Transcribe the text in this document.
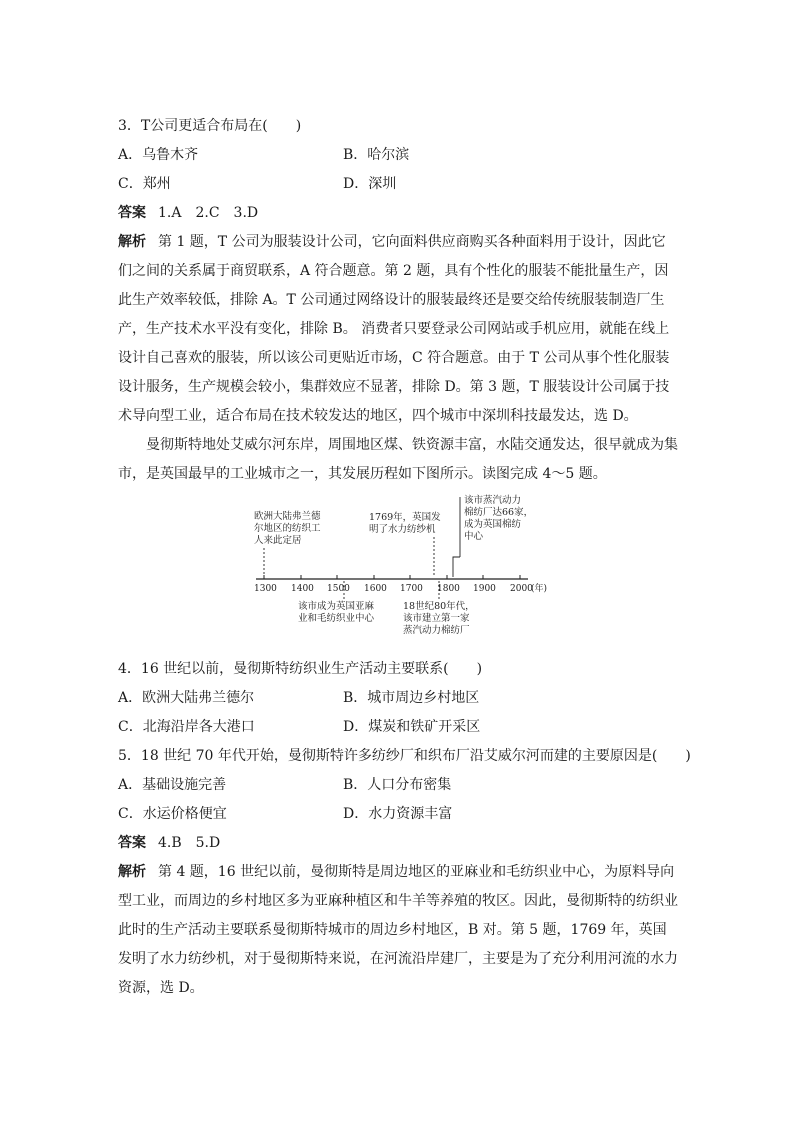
3．T公司更适合布局在(　　)
A．乌鲁木齐	B．哈尔滨
C．郑州	D．深圳
答案 1.A　2.C　3.D
解析 第 1 题，T 公司为服装设计公司，它向面料供应商购买各种面料用于设计，因此它们之间的关系属于商贸联系，A 符合题意。第 2 题，具有个性化的服装不能批量生产，因此生产效率较低，排除 A。T 公司通过网络设计的服装最终还是要交给传统服装制造厂生产，生产技术水平没有变化，排除 B。 消费者只要登录公司网站或手机应用，就能在线上设计自己喜欢的服装，所以该公司更贴近市场，C 符合题意。由于 T 公司从事个性化服装设计服务，生产规模会较小，集群效应不显著，排除 D。第 3 题，T 服装设计公司属于技术导向型工业，适合布局在技术较发达的地区，四个城市中深圳科技最发达，选 D。
曼彻斯特地处艾威尔河东岸，周围地区煤、铁资源丰富，水陆交通发达，很早就成为集市，是英国最早的工业城市之一，其发展历程如下图所示。读图完成 4～5 题。
1300 1400 1500 1600 1700 1800 1900 2000
(年)
欧洲大陆弗兰德
尔地区的纺织工
人来此定居
该市成为英国亚麻
业和毛纺织业中心
1769年，英国发
明了水力纺纱机
18世纪80年代，
该市建立第一家
蒸汽动力棉纺厂
该市蒸汽动力
棉纺厂达66家，
成为英国棉纺
中心
4．16 世纪以前，曼彻斯特纺织业生产活动主要联系(　　)
A．欧洲大陆弗兰德尔	B．城市周边乡村地区
C．北海沿岸各大港口	D．煤炭和铁矿开采区
5．18 世纪 70 年代开始，曼彻斯特许多纺纱厂和织布厂沿艾威尔河而建的主要原因是(　　)
A．基础设施完善	B．人口分布密集
C．水运价格便宜	D．水力资源丰富
答案 4.B　5.D
解析 第 4 题，16 世纪以前，曼彻斯特是周边地区的亚麻业和毛纺织业中心，为原料导向型工业，而周边的乡村地区多为亚麻种植区和牛羊等养殖的牧区。因此，曼彻斯特的纺织业此时的生产活动主要联系曼彻斯特城市的周边乡村地区，B 对。第 5 题，1769 年，英国发明了水力纺纱机，对于曼彻斯特来说，在河流沿岸建厂，主要是为了充分利用河流的水力资源，选 D。
